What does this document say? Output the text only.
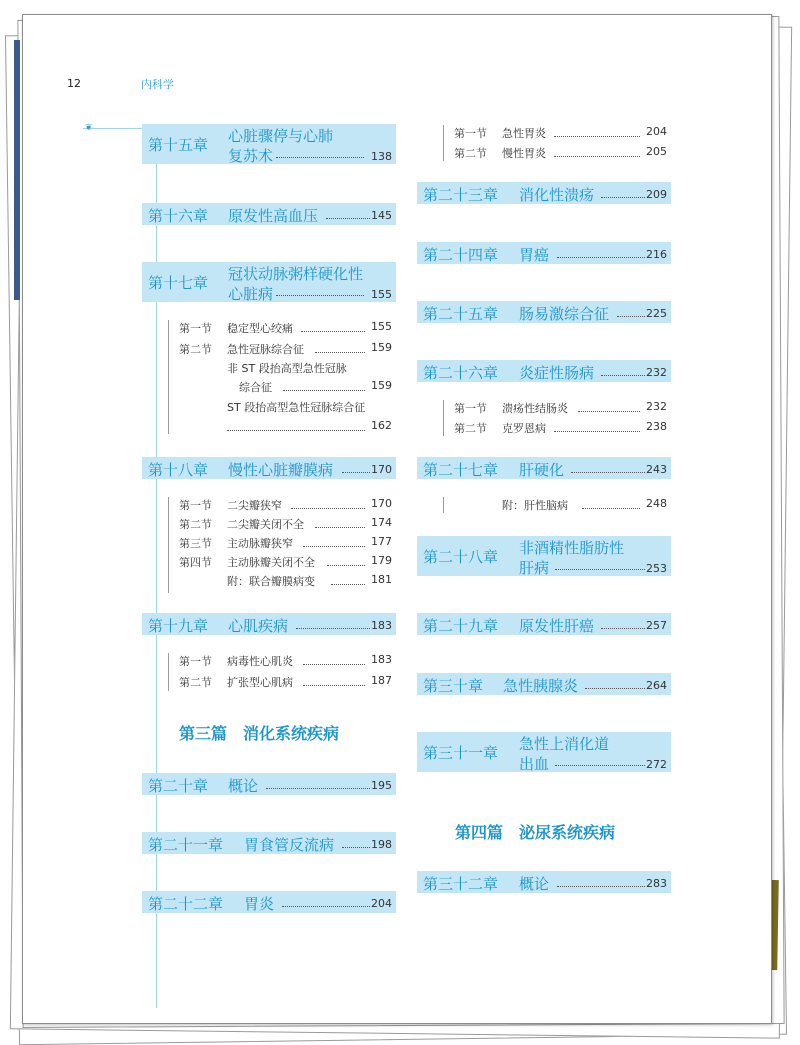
12	内科学
❦
第十五章 心脏骤停与心肺
复苏术	138
第十六章 原发性高血压	145
第十七章 冠状动脉粥样硬化性
心脏病	155
第一节 稳定型心绞痛	155
第二节 急性冠脉综合征	159
非 ST 段抬高型急性冠脉
综合征	159
ST 段抬高型急性冠脉综合征
162
第十八章 慢性心脏瓣膜病	170
第一节 二尖瓣狭窄	170
第二节 二尖瓣关闭不全	174
第三节 主动脉瓣狭窄	177
第四节 主动脉瓣关闭不全	179
附：联合瓣膜病变	181
第十九章 心肌疾病	183
第一节 病毒性心肌炎	183
第二节 扩张型心肌病	187
第三篇　消化系统疾病
第二十章 概论	195
第二十一章 胃食管反流病	198
第二十二章 胃炎	204
第一节 急性胃炎	204
第二节 慢性胃炎	205
第二十三章 消化性溃疡	209
第二十四章 胃癌	216
第二十五章 肠易激综合征	225
第二十六章 炎症性肠病	232
第一节 溃疡性结肠炎	232
第二节 克罗恩病	238
第二十七章 肝硬化	243
附：肝性脑病	248
第二十八章 非酒精性脂肪性
肝病	253
第二十九章 原发性肝癌	257
第三十章 急性胰腺炎	264
第三十一章 急性上消化道
出血	272
第四篇　泌尿系统疾病
第三十二章 概论	283
